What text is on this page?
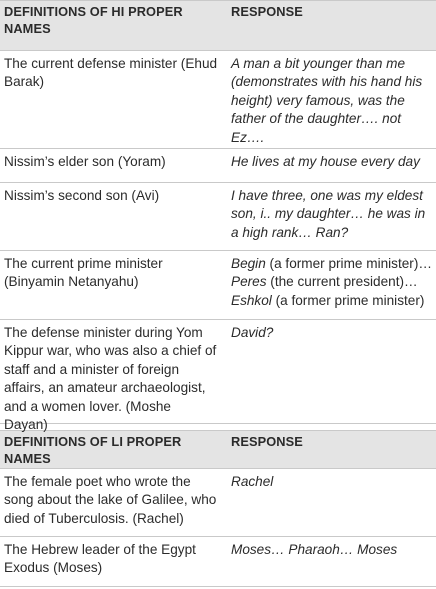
DEFINITIONS OF HI PROPER NAMES
RESPONSE
The current defense minister (Ehud Barak)
A man a bit younger than me (demonstrates with his hand his height) very famous, was the father of the daughter…. not Ez….
Nissim’s elder son (Yoram)	He lives at my house every day
Nissim’s second son (Avi)	I have three, one was my eldest son, i.. my daughter… he was in a high rank… Ran?
The current prime minister (Binyamin Netanyahu)
Begin (a former prime minister)…
Peres (the current president)…
Eshkol (a former prime minister)
The defense minister during Yom Kippur war, who was also a chief of staff and a minister of foreign affairs, an amateur archaeologist, and a women lover. (Moshe Dayan)
David?
DEFINITIONS OF LI PROPER NAMES
RESPONSE
The female poet who wrote the song about the lake of Galilee, who died of Tuberculosis. (Rachel)
Rachel
The Hebrew leader of the Egypt Exodus (Moses)
Moses… Pharaoh… Moses
